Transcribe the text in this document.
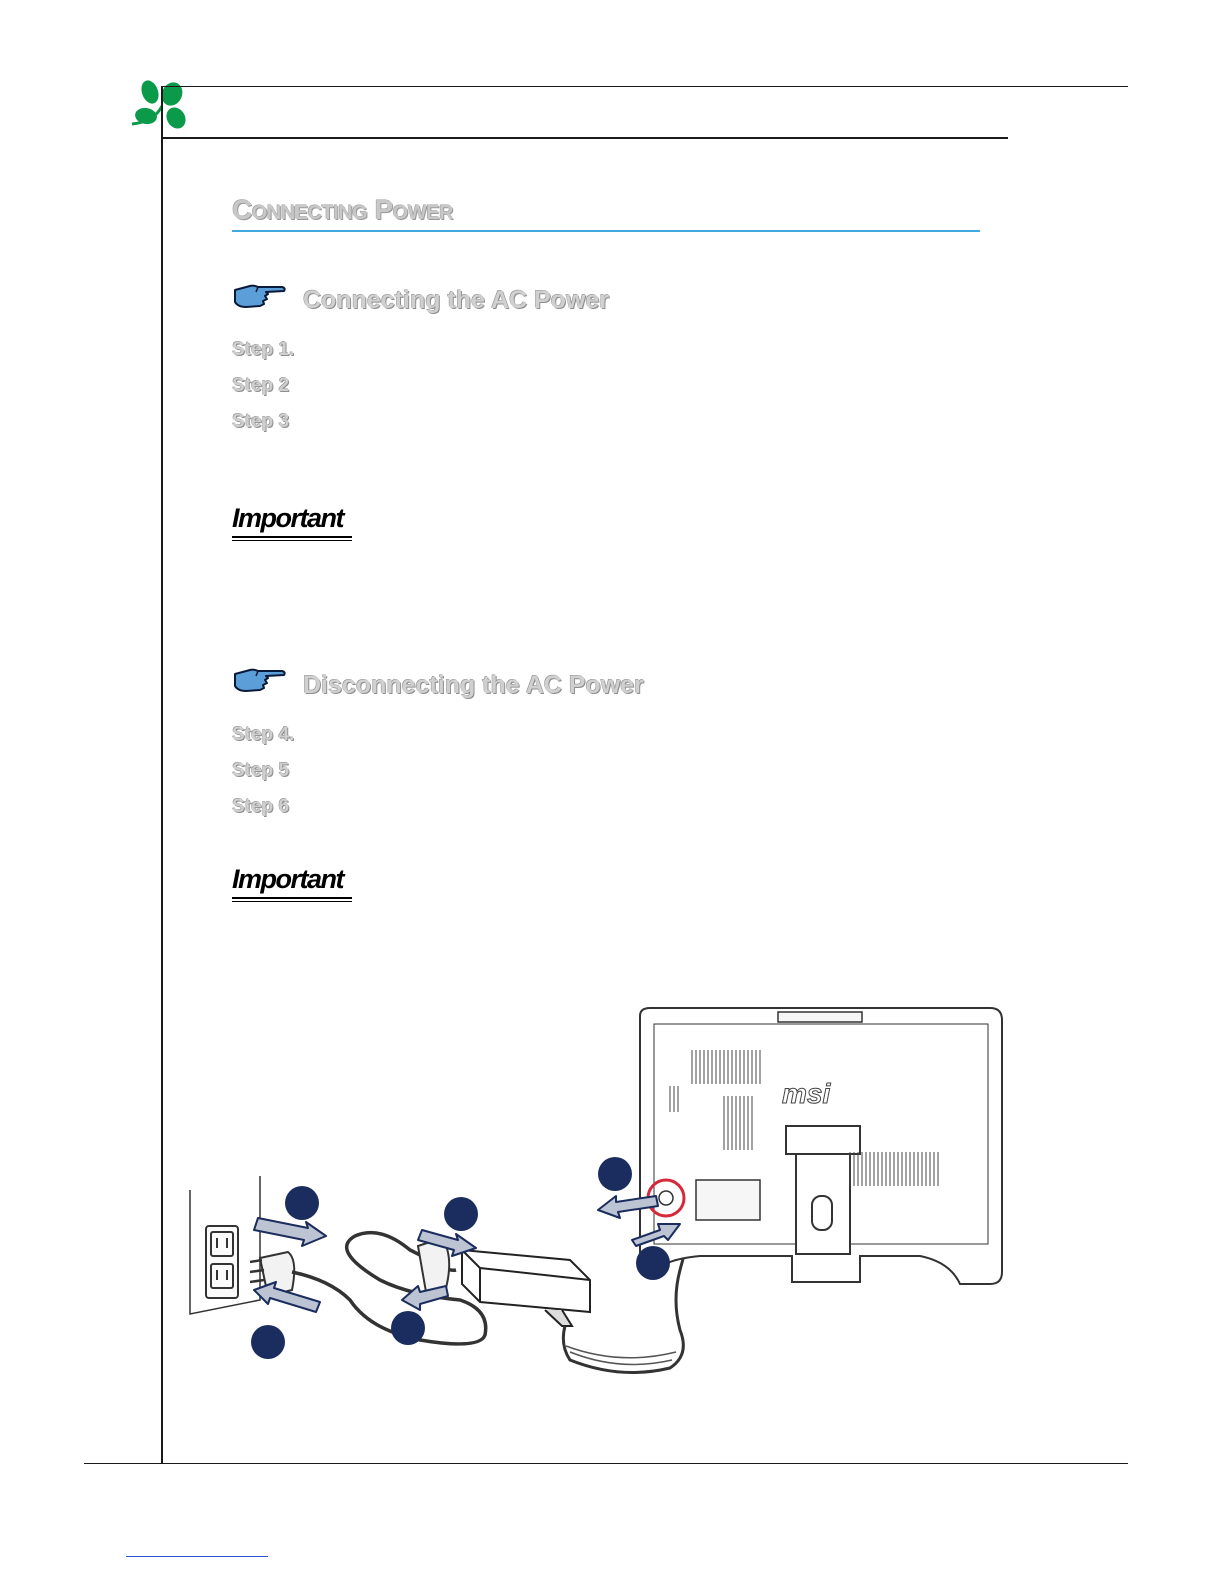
Connecting Power
Connecting the AC Power
Step 1.
Step 2
Step 3
Important
Disconnecting the AC Power
Step 4.
Step 5
Step 6
Important
msi
